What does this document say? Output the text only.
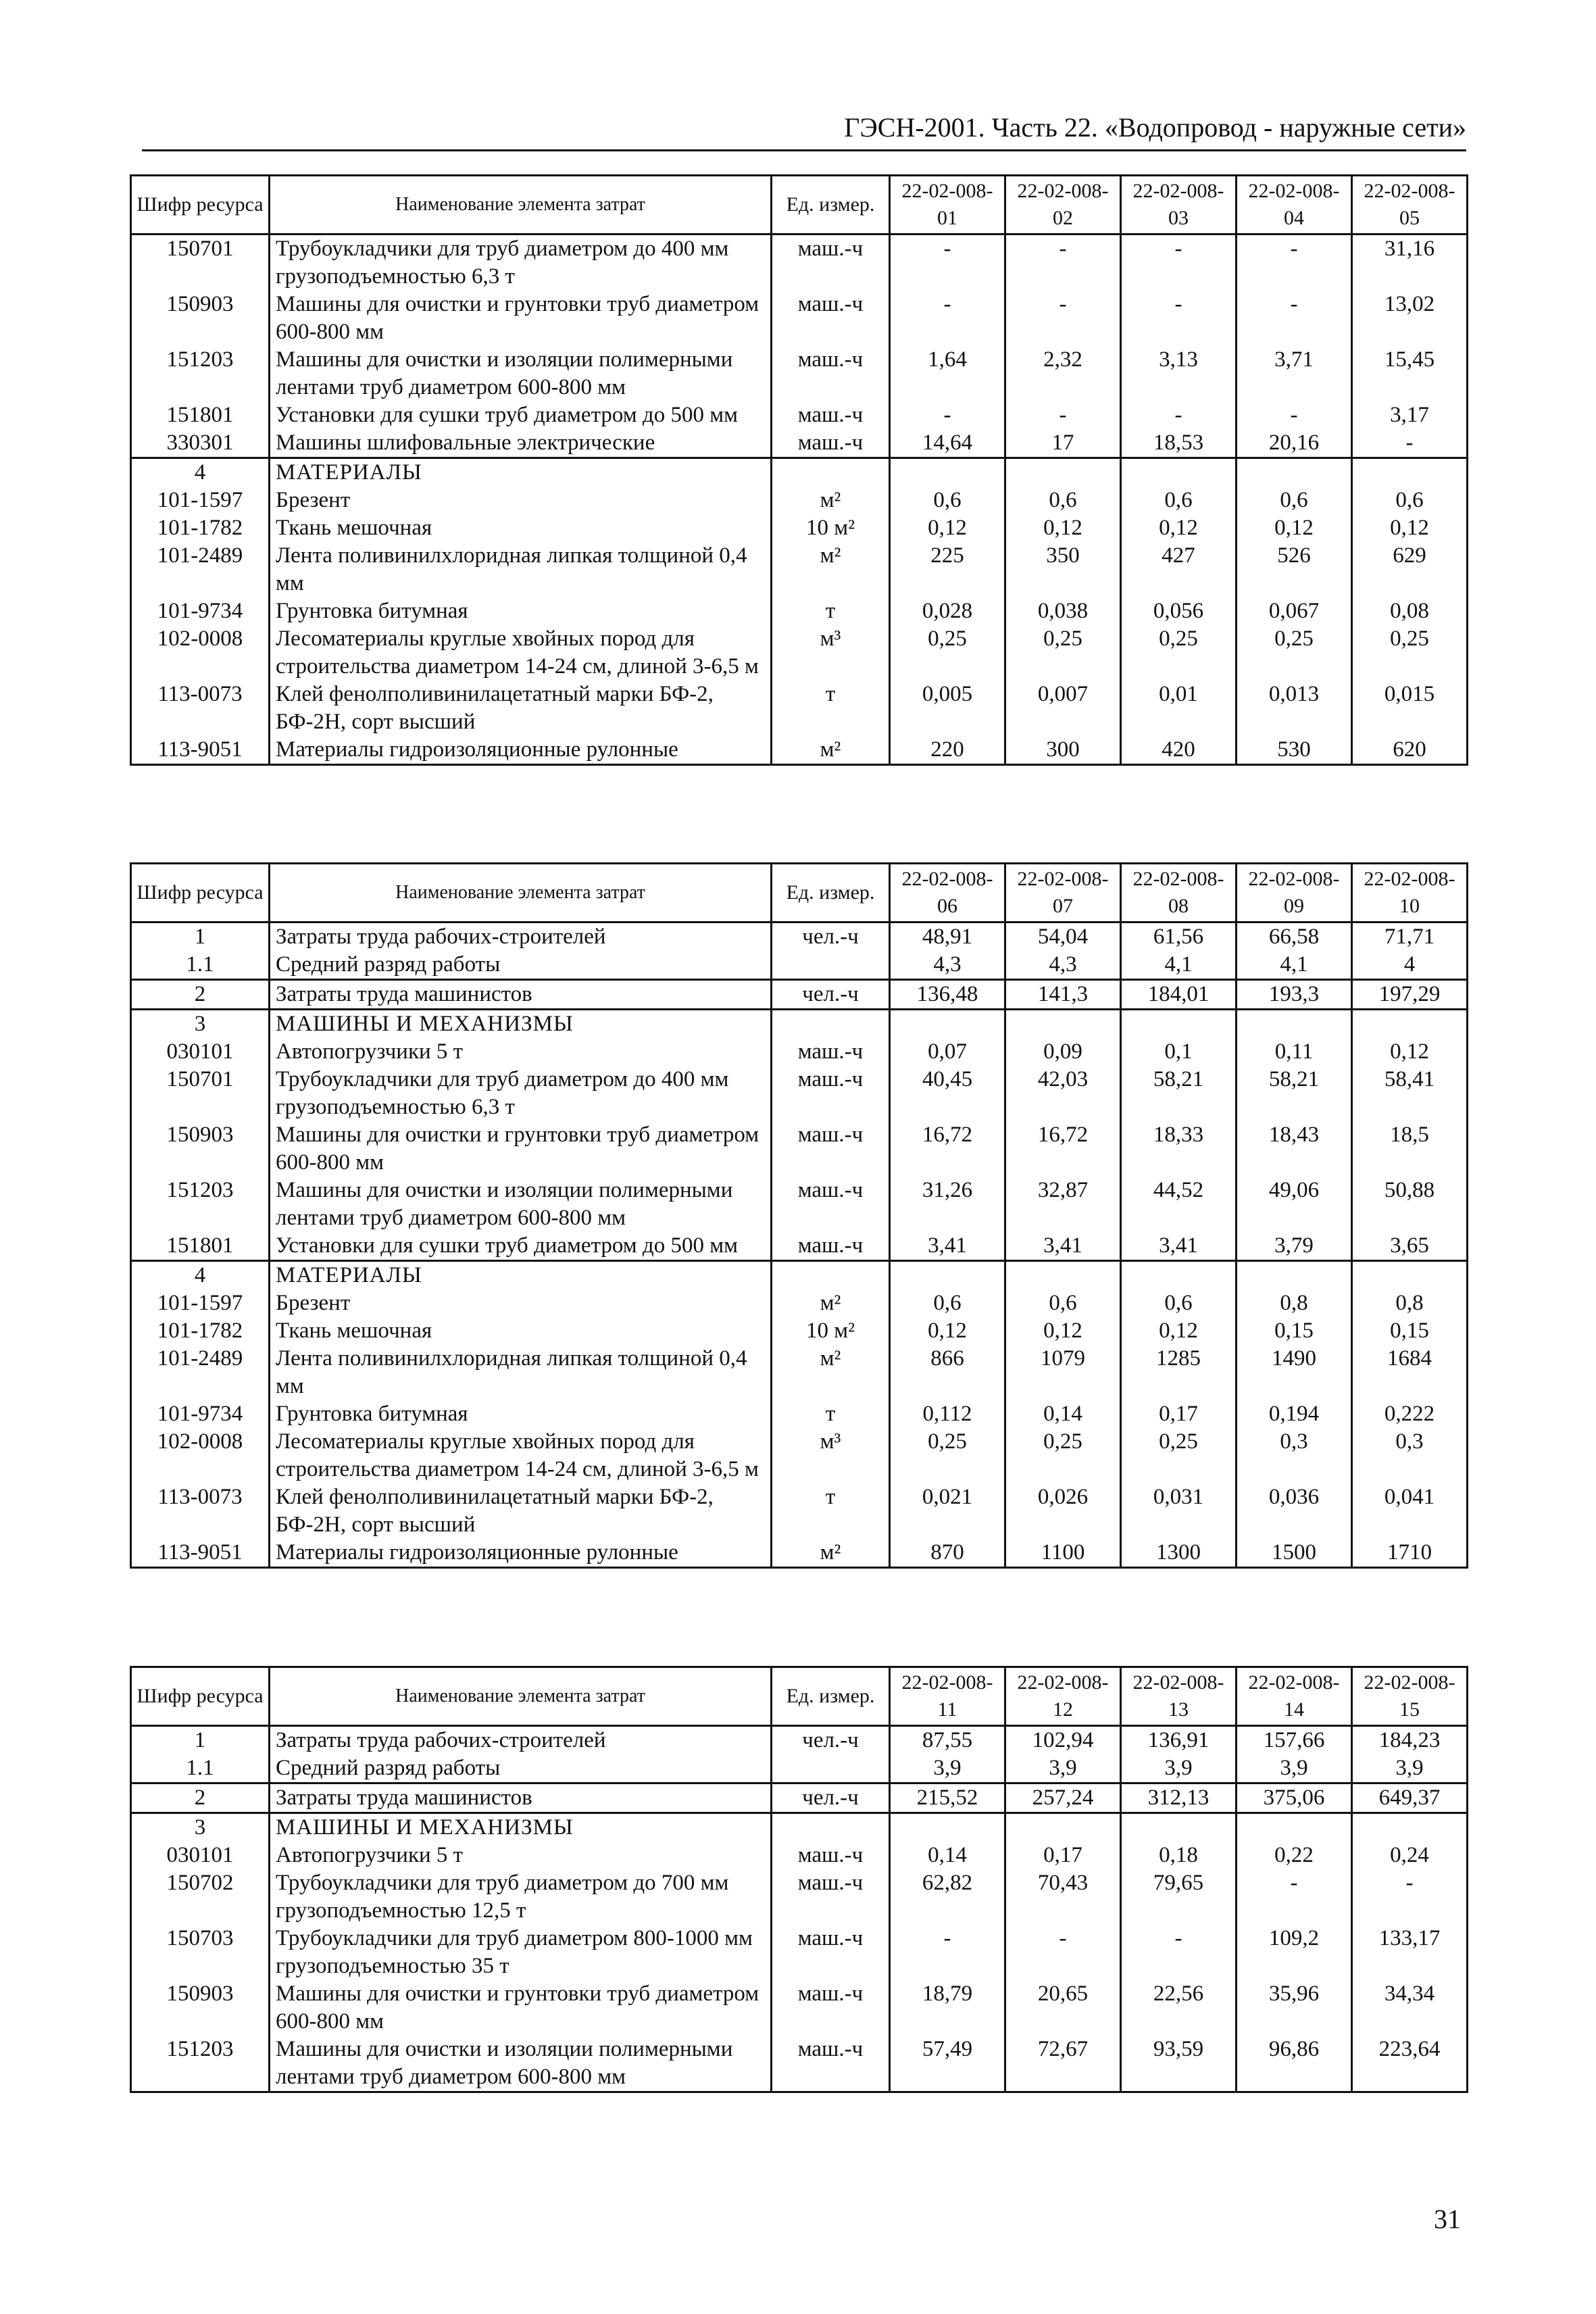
ГЭСН-2001. Часть 22. «Водопровод - наружные сети»
Шифр ресурса	Наименование элемента затрат	Ед. измер.	22-02-008-01	22-02-008-02	22-02-008-03	22-02-008-04	22-02-008-05
150701	Трубоукладчики для труб диаметром до 400 мм грузоподъемностью 6,3 т	маш.-ч	-	-	-	-	31,16
150903	Машины для очистки и грунтовки труб диаметром 600-800 мм	маш.-ч	-	-	-	-	13,02
151203	Машины для очистки и изоляции полимерными лентами труб диаметром 600-800 мм	маш.-ч	1,64	2,32	3,13	3,71	15,45
151801	Установки для сушки труб диаметром до 500 мм	маш.-ч	-	-	-	-	3,17
330301	Машины шлифовальные электрические	маш.-ч	14,64	17	18,53	20,16	-
4	МАТЕРИАЛЫ						
101-1597	Брезент	м²	0,6	0,6	0,6	0,6	0,6
101-1782	Ткань мешочная	10 м²	0,12	0,12	0,12	0,12	0,12
101-2489	Лента поливинилхлоридная липкая толщиной 0,4 мм	м²	225	350	427	526	629
101-9734	Грунтовка битумная	т	0,028	0,038	0,056	0,067	0,08
102-0008	Лесоматериалы круглые хвойных пород для строительства диаметром 14-24 см, длиной 3-6,5 м	м³	0,25	0,25	0,25	0,25	0,25
113-0073	Клей фенолполивинилацетатный марки БФ-2, БФ-2Н, сорт высший	т	0,005	0,007	0,01	0,013	0,015
113-9051	Материалы гидроизоляционные рулонные	м²	220	300	420	530	620
Шифр ресурса	Наименование элемента затрат	Ед. измер.	22-02-008-06	22-02-008-07	22-02-008-08	22-02-008-09	22-02-008-10
1	Затраты труда рабочих-строителей	чел.-ч	48,91	54,04	61,56	66,58	71,71
1.1	Средний разряд работы		4,3	4,3	4,1	4,1	4
2	Затраты труда машинистов	чел.-ч	136,48	141,3	184,01	193,3	197,29
3	МАШИНЫ И МЕХАНИЗМЫ						
030101	Автопогрузчики 5 т	маш.-ч	0,07	0,09	0,1	0,11	0,12
150701	Трубоукладчики для труб диаметром до 400 мм грузоподъемностью 6,3 т	маш.-ч	40,45	42,03	58,21	58,21	58,41
150903	Машины для очистки и грунтовки труб диаметром 600-800 мм	маш.-ч	16,72	16,72	18,33	18,43	18,5
151203	Машины для очистки и изоляции полимерными лентами труб диаметром 600-800 мм	маш.-ч	31,26	32,87	44,52	49,06	50,88
151801	Установки для сушки труб диаметром до 500 мм	маш.-ч	3,41	3,41	3,41	3,79	3,65
4	МАТЕРИАЛЫ						
101-1597	Брезент	м²	0,6	0,6	0,6	0,8	0,8
101-1782	Ткань мешочная	10 м²	0,12	0,12	0,12	0,15	0,15
101-2489	Лента поливинилхлоридная липкая толщиной 0,4 мм	м²	866	1079	1285	1490	1684
101-9734	Грунтовка битумная	т	0,112	0,14	0,17	0,194	0,222
102-0008	Лесоматериалы круглые хвойных пород для строительства диаметром 14-24 см, длиной 3-6,5 м	м³	0,25	0,25	0,25	0,3	0,3
113-0073	Клей фенолполивинилацетатный марки БФ-2, БФ-2Н, сорт высший	т	0,021	0,026	0,031	0,036	0,041
113-9051	Материалы гидроизоляционные рулонные	м²	870	1100	1300	1500	1710
Шифр ресурса	Наименование элемента затрат	Ед. измер.	22-02-008-11	22-02-008-12	22-02-008-13	22-02-008-14	22-02-008-15
1	Затраты труда рабочих-строителей	чел.-ч	87,55	102,94	136,91	157,66	184,23
1.1	Средний разряд работы		3,9	3,9	3,9	3,9	3,9
2	Затраты труда машинистов	чел.-ч	215,52	257,24	312,13	375,06	649,37
3	МАШИНЫ И МЕХАНИЗМЫ						
030101	Автопогрузчики 5 т	маш.-ч	0,14	0,17	0,18	0,22	0,24
150702	Трубоукладчики для труб диаметром до 700 мм грузоподъемностью 12,5 т	маш.-ч	62,82	70,43	79,65	-	-
150703	Трубоукладчики для труб диаметром 800-1000 мм грузоподъемностью 35 т	маш.-ч	-	-	-	109,2	133,17
150903	Машины для очистки и грунтовки труб диаметром 600-800 мм	маш.-ч	18,79	20,65	22,56	35,96	34,34
151203	Машины для очистки и изоляции полимерными лентами труб диаметром 600-800 мм	маш.-ч	57,49	72,67	93,59	96,86	223,64
31
